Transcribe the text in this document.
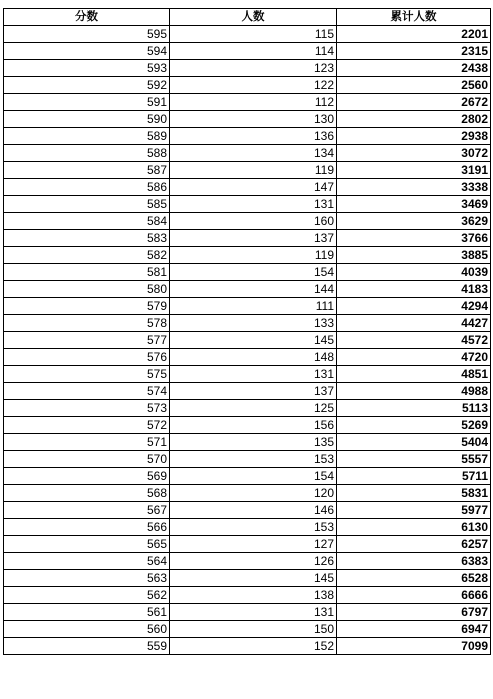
分数	人数	累计人数
595	115	2201
594	114	2315
593	123	2438
592	122	2560
591	112	2672
590	130	2802
589	136	2938
588	134	3072
587	119	3191
586	147	3338
585	131	3469
584	160	3629
583	137	3766
582	119	3885
581	154	4039
580	144	4183
579	111	4294
578	133	4427
577	145	4572
576	148	4720
575	131	4851
574	137	4988
573	125	5113
572	156	5269
571	135	5404
570	153	5557
569	154	5711
568	120	5831
567	146	5977
566	153	6130
565	127	6257
564	126	6383
563	145	6528
562	138	6666
561	131	6797
560	150	6947
559	152	7099
